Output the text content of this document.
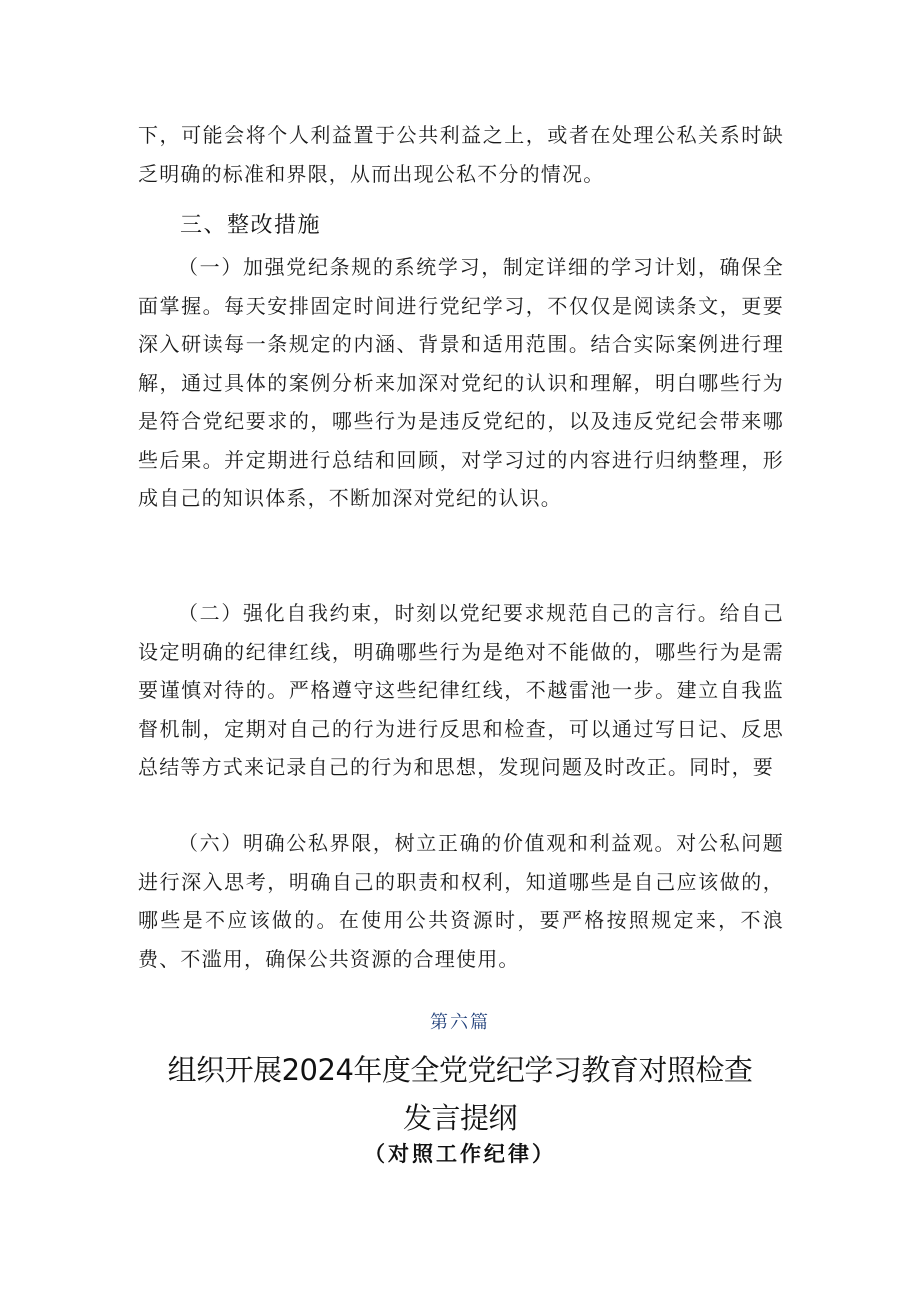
下，可能会将个人利益置于公共利益之上，或者在处理公私关系时缺乏明确的标准和界限，从而出现公私不分的情况。

三、整改措施

（一）加强党纪条规的系统学习，制定详细的学习计划，确保全面掌握。每天安排固定时间进行党纪学习，不仅仅是阅读条文，更要深入研读每一条规定的内涵、背景和适用范围。结合实际案例进行理解，通过具体的案例分析来加深对党纪的认识和理解，明白哪些行为是符合党纪要求的，哪些行为是违反党纪的，以及违反党纪会带来哪些后果。并定期进行总结和回顾，对学习过的内容进行归纳整理，形成自己的知识体系，不断加深对党纪的认识。

（二）强化自我约束，时刻以党纪要求规范自己的言行。给自己设定明确的纪律红线，明确哪些行为是绝对不能做的，哪些行为是需要谨慎对待的。严格遵守这些纪律红线，不越雷池一步。建立自我监督机制，定期对自己的行为进行反思和检查，可以通过写日记、反思总结等方式来记录自己的行为和思想，发现问题及时改正。同时，要

（六）明确公私界限，树立正确的价值观和利益观。对公私问题进行深入思考，明确自己的职责和权利，知道哪些是自己应该做的，哪些是不应该做的。在使用公共资源时，要严格按照规定来，不浪费、不滥用，确保公共资源的合理使用。

第六篇
组织开展2024年度全党党纪学习教育对照检查
发言提纲
（对照工作纪律）
